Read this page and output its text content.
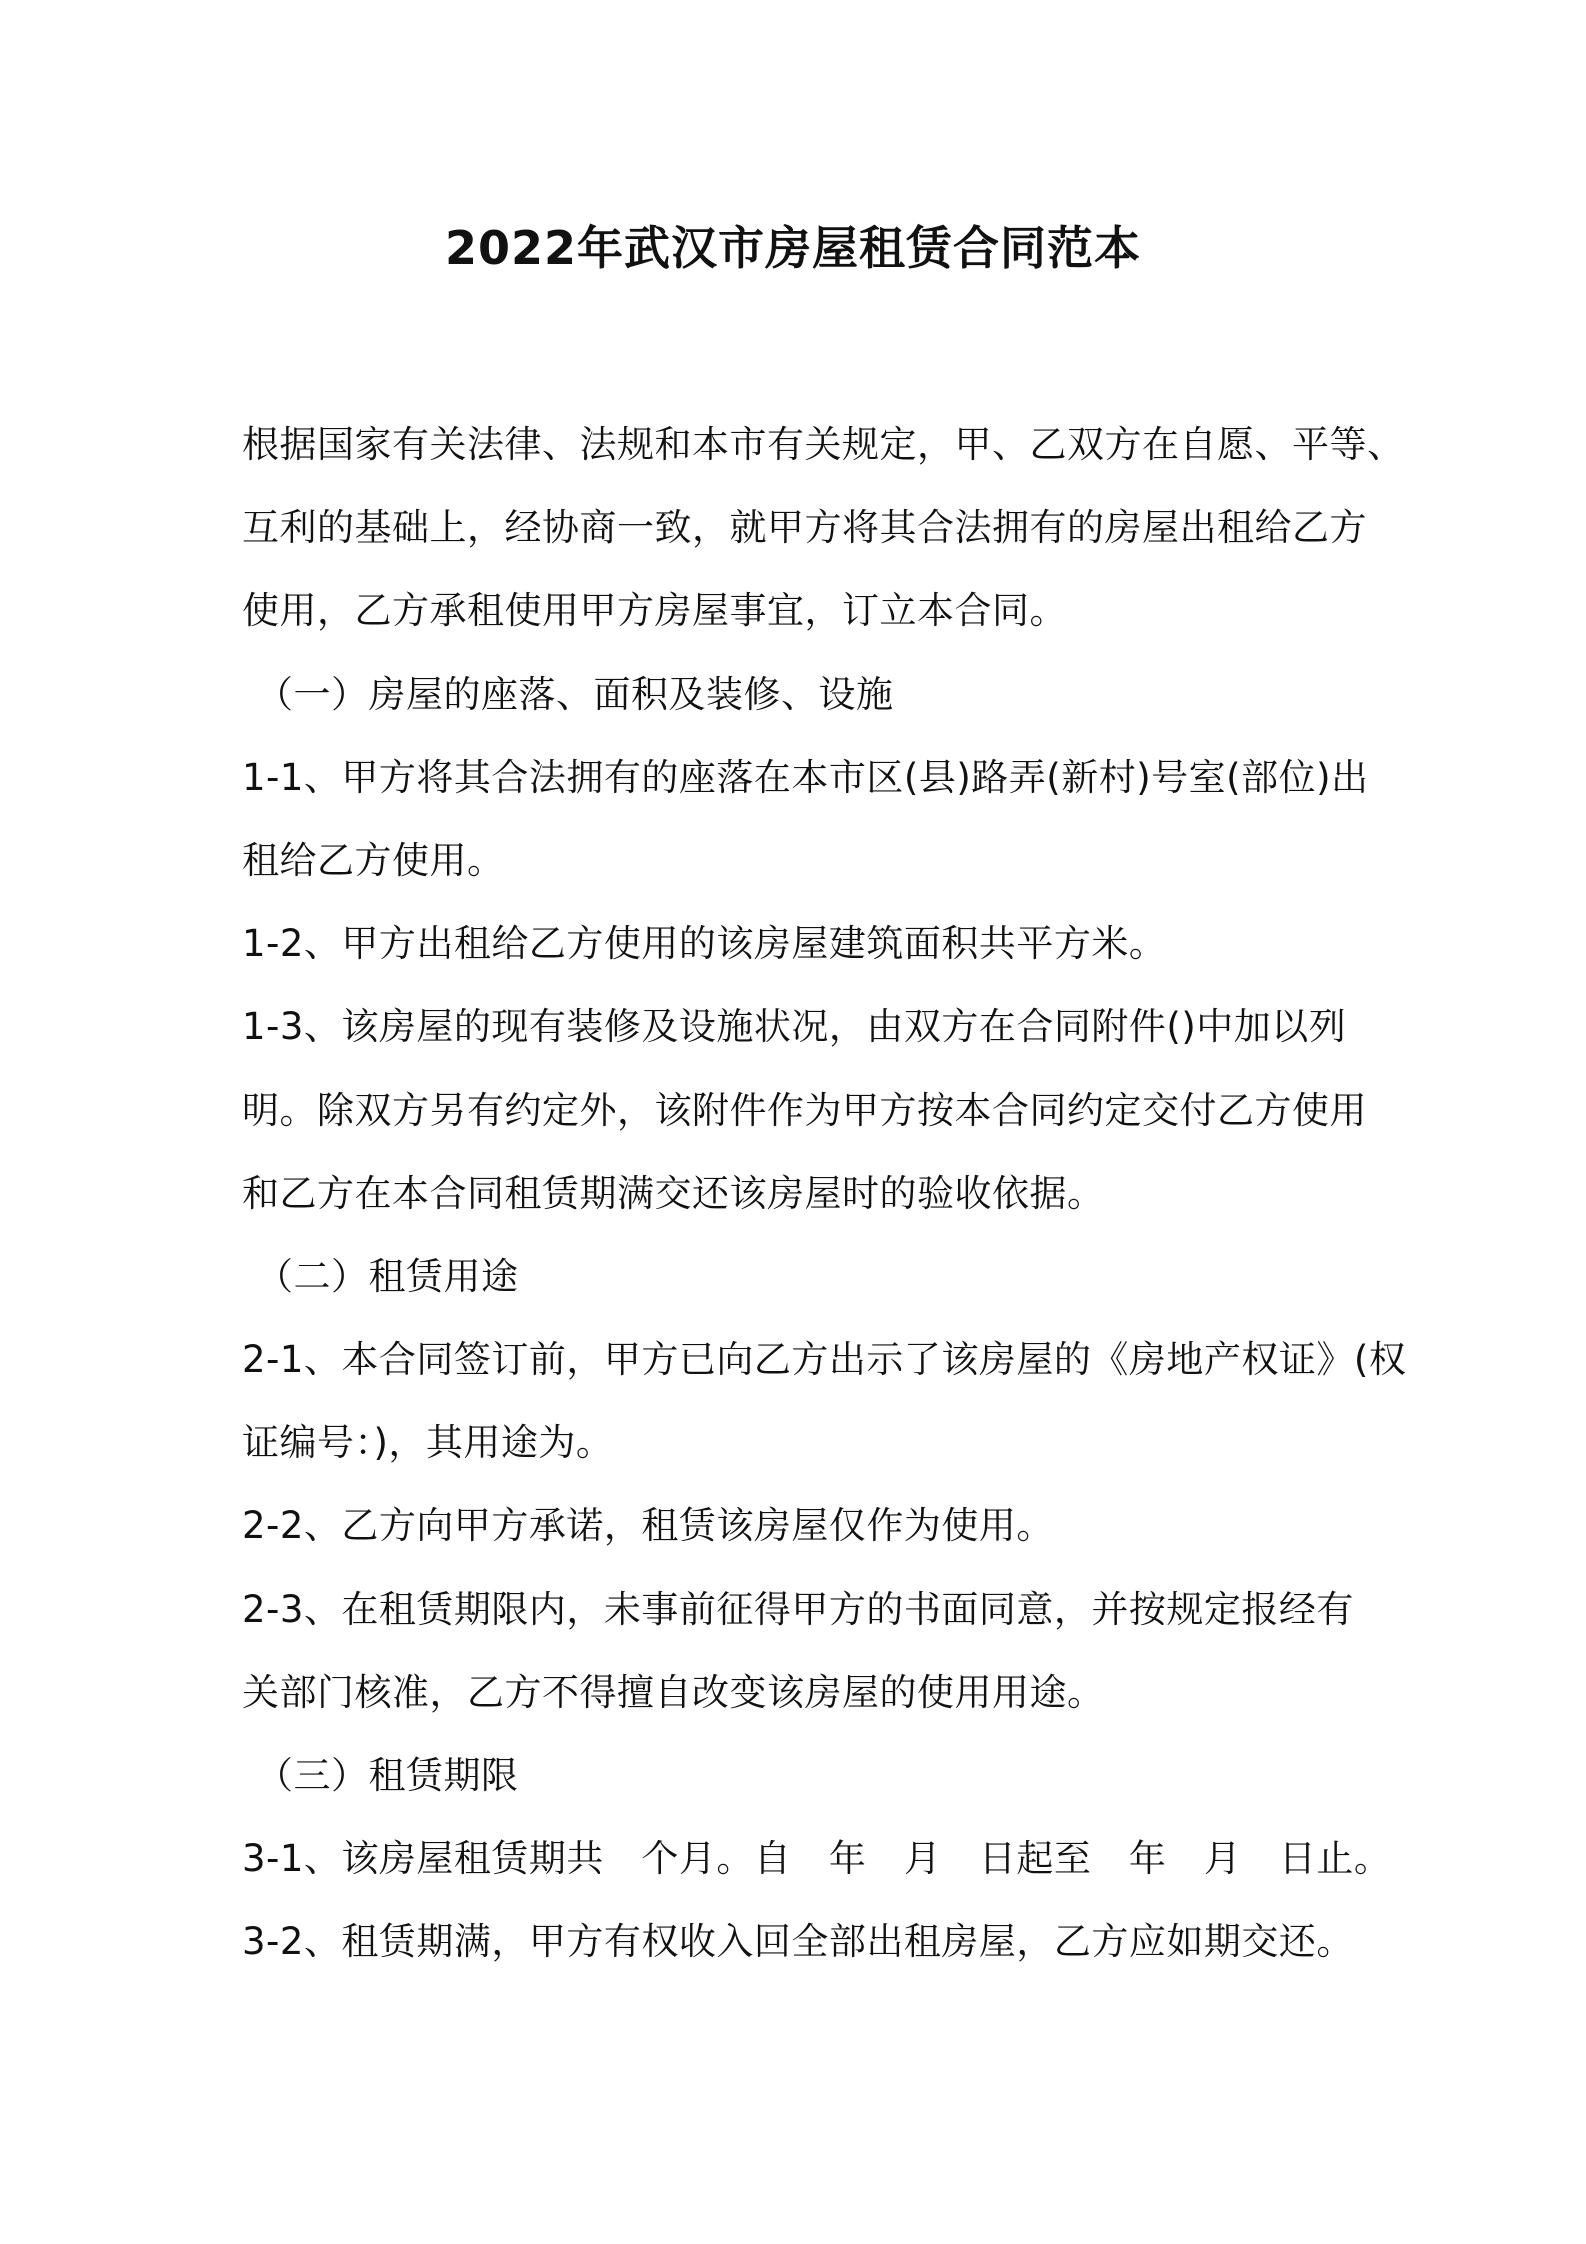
2022年武汉市房屋租赁合同范本
根据国家有关法律、法规和本市有关规定，甲、乙双方在自愿、平等、
互利的基础上，经协商一致，就甲方将其合法拥有的房屋出租给乙方
使用，乙方承租使用甲方房屋事宜，订立本合同。
（一）房屋的座落、面积及装修、设施
1-1、甲方将其合法拥有的座落在本市区(县)路弄(新村)号室(部位)出
租给乙方使用。
1-2、甲方出租给乙方使用的该房屋建筑面积共平方米。
1-3、该房屋的现有装修及设施状况，由双方在合同附件()中加以列
明。除双方另有约定外，该附件作为甲方按本合同约定交付乙方使用
和乙方在本合同租赁期满交还该房屋时的验收依据。
（二）租赁用途
2-1、本合同签订前，甲方已向乙方出示了该房屋的《房地产权证》(权
证编号：)，其用途为。
2-2、乙方向甲方承诺，租赁该房屋仅作为使用。
2-3、在租赁期限内，未事前征得甲方的书面同意，并按规定报经有
关部门核准，乙方不得擅自改变该房屋的使用用途。
（三）租赁期限
3-1、该房屋租赁期共　个月。自　年　月　日起至　年　月　日止。
3-2、租赁期满，甲方有权收入回全部出租房屋，乙方应如期交还。
